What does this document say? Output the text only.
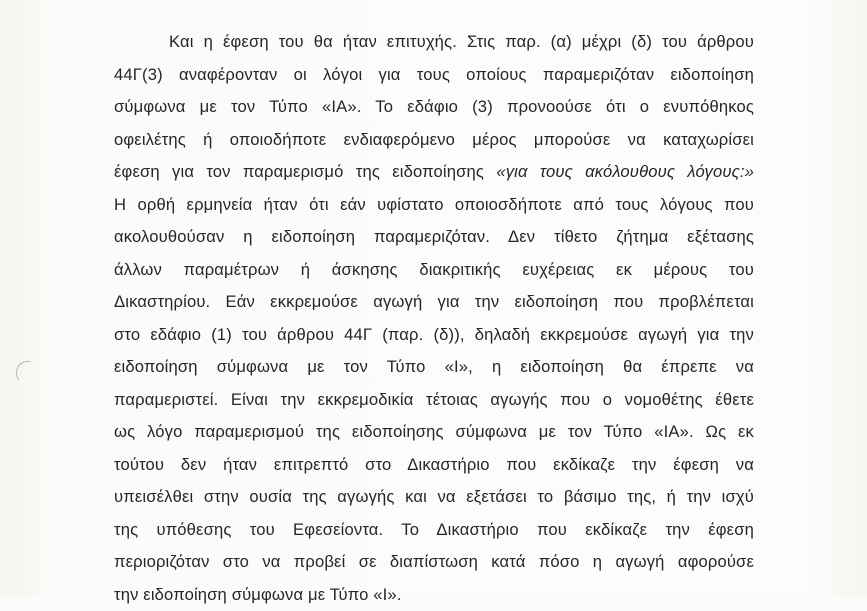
Και η έφεση του θα ήταν επιτυχής. Στις παρ. (α) μέχρι (δ) του άρθρου
44Γ(3) αναφέρονταν οι λόγοι για τους οποίους παραμεριζόταν ειδοποίηση
σύμφωνα με τον Τύπο «ΙΑ». Το εδάφιο (3) προνοούσε ότι ο ενυπόθηκος
οφειλέτης ή οποιοδήποτε ενδιαφερόμενο μέρος μπορούσε να καταχωρίσει
έφεση για τον παραμερισμό της ειδοποίησης «για τους ακόλουθους λόγους:»
Η ορθή ερμηνεία ήταν ότι εάν υφίστατο οποιοσδήποτε από τους λόγους που
ακολουθούσαν η ειδοποίηση παραμεριζόταν. Δεν τίθετο ζήτημα εξέτασης
άλλων παραμέτρων ή άσκησης διακριτικής ευχέρειας εκ μέρους του
Δικαστηρίου. Εάν εκκρεμούσε αγωγή για την ειδοποίηση που προβλέπεται
στο εδάφιο (1) του άρθρου 44Γ (παρ. (δ)), δηλαδή εκκρεμούσε αγωγή για την
ειδοποίηση σύμφωνα με τον Τύπο «Ι», η ειδοποίηση θα έπρεπε να
παραμεριστεί. Είναι την εκκρεμοδικία τέτοιας αγωγής που ο νομοθέτης έθετε
ως λόγο παραμερισμού της ειδοποίησης σύμφωνα με τον Τύπο «ΙΑ». Ως εκ
τούτου δεν ήταν επιτρεπτό στο Δικαστήριο που εκδίκαζε την έφεση να
υπεισέλθει στην ουσία της αγωγής και να εξετάσει το βάσιμο της, ή την ισχύ
της υπόθεσης του Εφεσείοντα. Το Δικαστήριο που εκδίκαζε την έφεση
περιοριζόταν στο να προβεί σε διαπίστωση κατά πόσο η αγωγή αφορούσε
την ειδοποίηση σύμφωνα με Τύπο «Ι».
